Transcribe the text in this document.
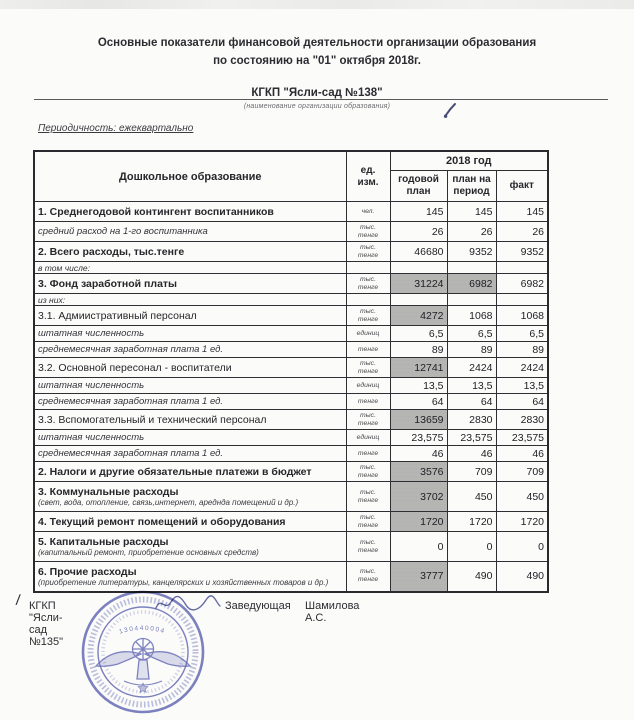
Основные показатели финансовой деятельности организации образования
по состоянию на "01" октября 2018г.
КГКП "Ясли-сад №138"
(наименование организации образования)
Периодичность: ежеквартально
Дошкольное образование	ед. изм.	2018 год		
		годовой план	план на период	факт
1. Среднегодовой контингент воспитанников	чел.	145	145	145
средний расход на 1-го воспитанника	тыс. тенге	26	26	26
2. Всего расходы, тыс.тенге	тыс. тенге	46680	9352	9352
в том числе:				
3. Фонд заработной платы	тыс. тенге	31224	6982	6982
из них:				
3.1. Адмиистративный персонал	тыс. тенге	4272	1068	1068
штатная численность	единиц	6,5	6,5	6,5
среднемесячная заработная плата 1 ед.	тенге	89	89	89
3.2. Основной пересонал - воспитатели	тыс. тенге	12741	2424	2424
штатная численность	единиц	13,5	13,5	13,5
среднемесячная заработная плата 1 ед.	тенге	64	64	64
3.3. Вспомогательный и технический персонал	тыс. тенге	13659	2830	2830
штатная численность	единиц	23,575	23,575	23,575
среднемесячная заработная плата 1 ед.	тенге	46	46	46
2. Налоги и другие обязательные платежи в бюджет	тыс. тенге	3576	709	709
3. Коммунальные расходы
(свет, вода, отопление, связь,интернет, ареднда помещений и др.)	тыс. тенге	3702	450	450
4. Текущий ремонт помещений и оборудования	тыс. тенге	1720	1720	1720
5. Капитальные расходы
(капитальный ремонт, приобретение основных средств)	тыс. тенге	0	0	0
6. Прочие расходы
(приобретение литературы, канцелярских и хозяйственных товаров и др.)	тыс. тенге	3777	490	490
/ КГКП "Ясли-сад №135"
Заведующая Шамилова А.С.
130440004
